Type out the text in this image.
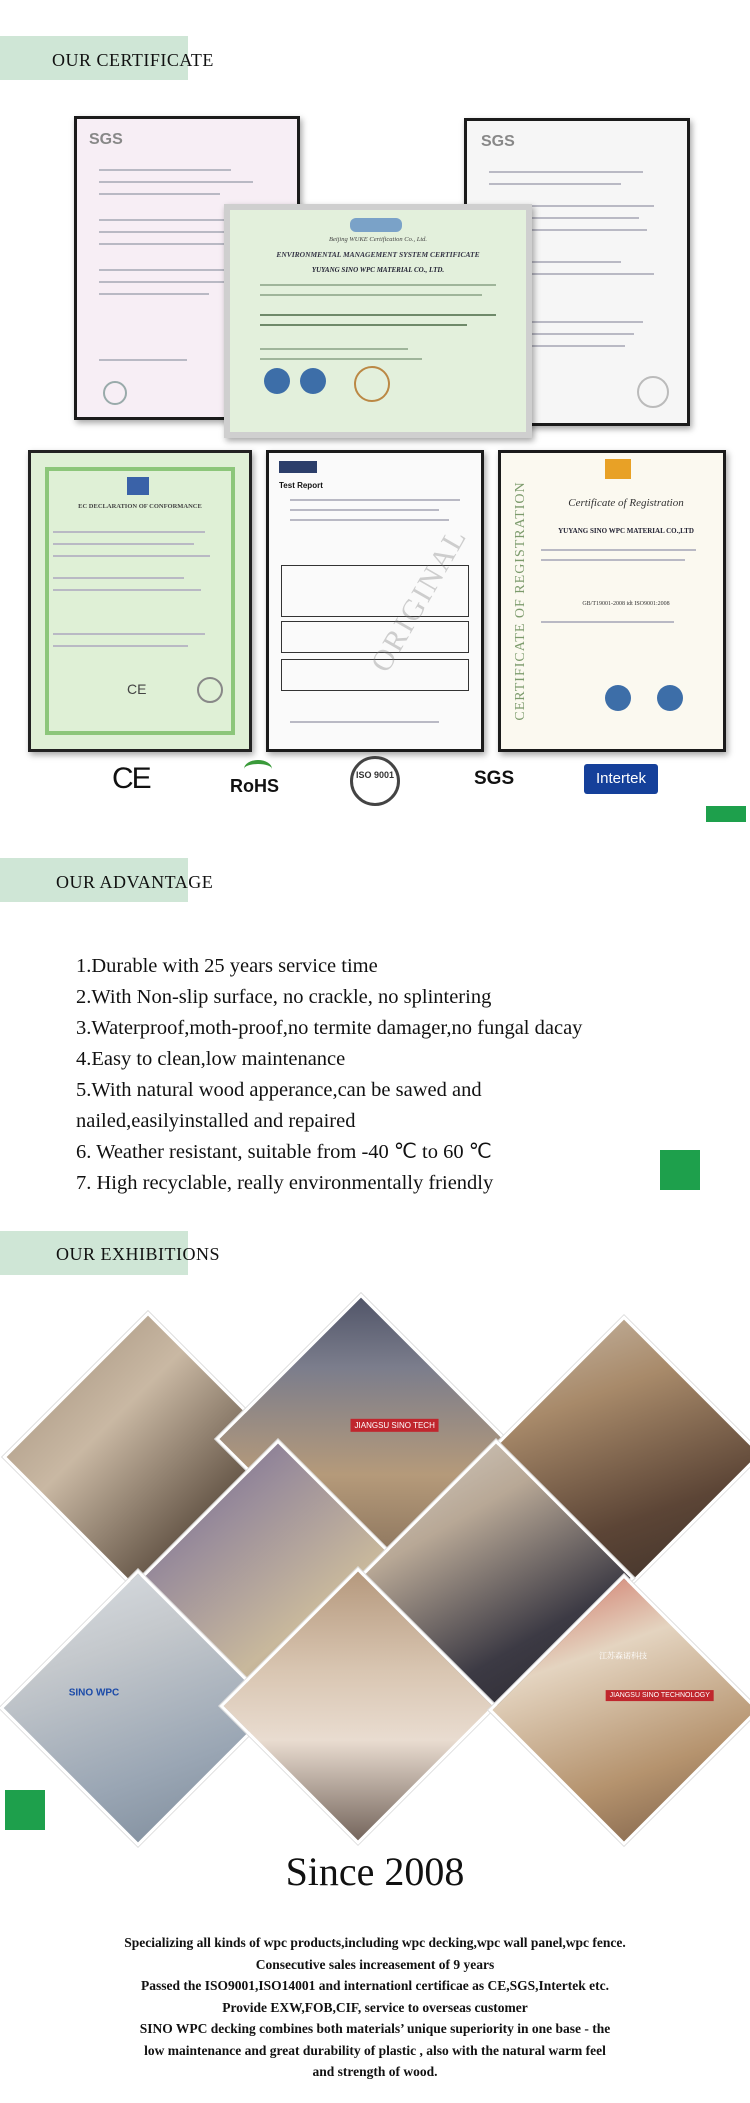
OUR CERTIFICATE
SGS	SGS
Beijing WUKE Certification Co., Ltd.
ENVIRONMENTAL MANAGEMENT SYSTEM CERTIFICATE
YUYANG SINO WPC MATERIAL CO., LTD.
EC DECLARATION OF CONFORMANCE
CE
Test Report
ORIGINAL	CERTIFICATE OF REGISTRATION	Certificate of Registration
YUYANG SINO WPC MATERIAL CO.,LTD
GB/T19001-2008 idt ISO9001:2008
CE	RoHS
ISO 9001	SGS	Intertek
OUR ADVANTAGE
1.Durable with 25 years service time
2.With Non-slip surface, no crackle, no splintering
3.Waterproof,moth-proof,no termite damager,no fungal dacay
4.Easy to clean,low maintenance
5.With natural wood apperance,can be sawed and
nailed,easilyinstalled and repaired
6. Weather resistant, suitable from -40 ℃ to 60 ℃
7. High recyclable, really environmentally friendly
OUR EXHIBITIONS
JIANGSU SINO TECH
SINO WPC	JIANGSU SINO TECHNOLOGY
江苏森诺科技
Since 2008
Specializing all kinds of wpc products,including wpc decking,wpc wall panel,wpc fence.
Consecutive sales increasement of 9 years
Passed the ISO9001,ISO14001 and internationl certificae as CE,SGS,Intertek etc.
Provide EXW,FOB,CIF, service to overseas customer
SINO WPC decking combines both materials’ unique superiority in one base - the
low maintenance and great durability of plastic , also with the natural warm feel
and strength of wood.
